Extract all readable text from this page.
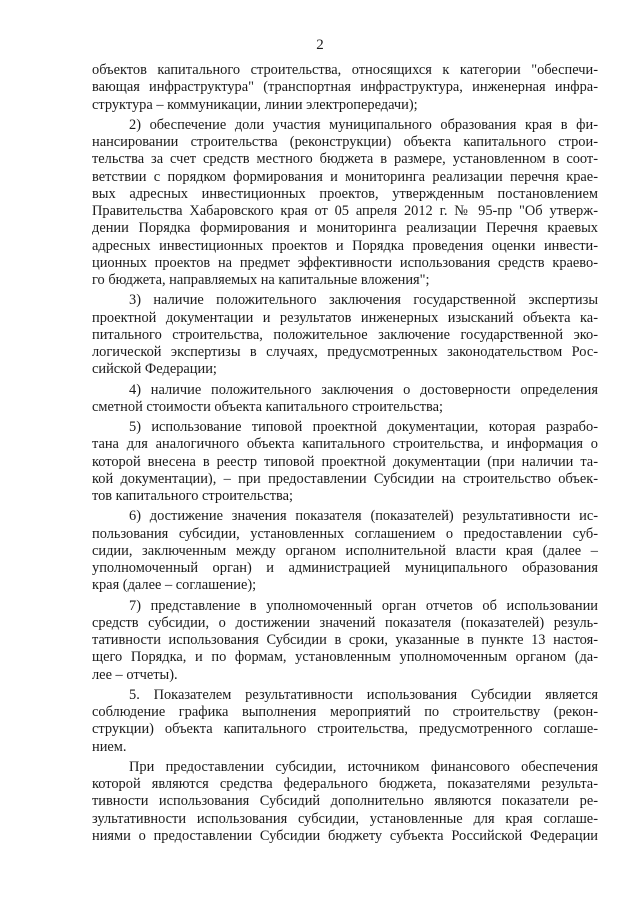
2
объектов капитального строительства, относящихся к категории "обеспечи-
вающая инфраструктура" (транспортная инфраструктура, инженерная инфра-
структура – коммуникации, линии электропередачи);
2) обеспечение доли участия муниципального образования края в фи-
нансировании строительства (реконструкции) объекта капитального строи-
тельства за счет средств местного бюджета в размере, установленном в соот-
ветствии с порядком формирования и мониторинга реализации перечня крае-
вых адресных инвестиционных проектов, утвержденным постановлением
Правительства Хабаровского края от 05 апреля 2012 г. № 95-пр "Об утверж-
дении Порядка формирования и мониторинга реализации Перечня краевых
адресных инвестиционных проектов и Порядка проведения оценки инвести-
ционных проектов на предмет эффективности использования средств краево-
го бюджета, направляемых на капитальные вложения";
3) наличие положительного заключения государственной экспертизы
проектной документации и результатов инженерных изысканий объекта ка-
питального строительства, положительное заключение государственной эко-
логической экспертизы в случаях, предусмотренных законодательством Рос-
сийской Федерации;
4) наличие положительного заключения о достоверности определения
сметной стоимости объекта капитального строительства;
5) использование типовой проектной документации, которая разрабо-
тана для аналогичного объекта капитального строительства, и информация о
которой внесена в реестр типовой проектной документации (при наличии та-
кой документации), – при предоставлении Субсидии на строительство объек-
тов капитального строительства;
6) достижение значения показателя (показателей) результативности ис-
пользования субсидии, установленных соглашением о предоставлении суб-
сидии, заключенным между органом исполнительной власти края (далее –
уполномоченный орган) и администрацией муниципального образования
края (далее – соглашение);
7) представление в уполномоченный орган отчетов об использовании
средств субсидии, о достижении значений показателя (показателей) резуль-
тативности использования Субсидии в сроки, указанные в пункте 13 настоя-
щего Порядка, и по формам, установленным уполномоченным органом (да-
лее – отчеты).
5. Показателем результативности использования Субсидии является
соблюдение графика выполнения мероприятий по строительству (рекон-
струкции) объекта капитального строительства, предусмотренного соглаше-
нием.
При предоставлении субсидии, источником финансового обеспечения
которой являются средства федерального бюджета, показателями результа-
тивности использования Субсидий дополнительно являются показатели ре-
зультативности использования субсидии, установленные для края соглаше-
ниями о предоставлении Субсидии бюджету субъекта Российской Федерации
